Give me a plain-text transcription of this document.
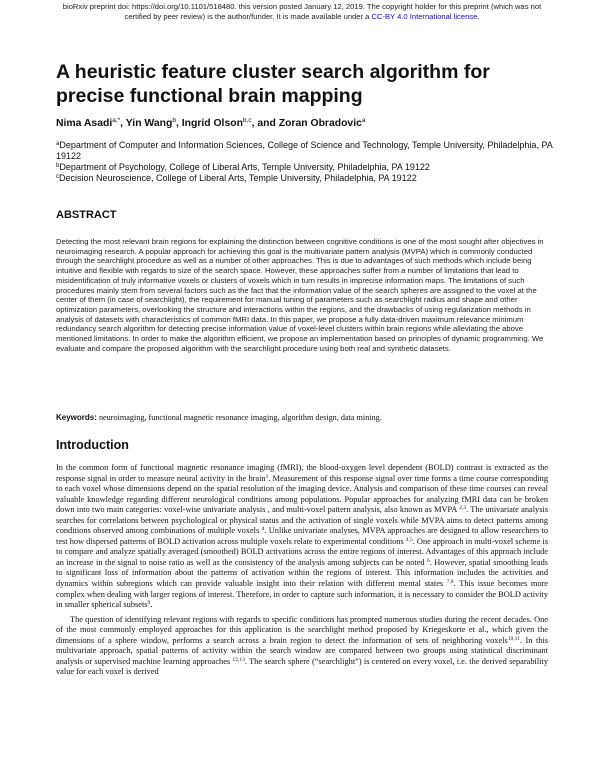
bioRxiv preprint doi: https://doi.org/10.1101/518480. this version posted January 12, 2019. The copyright holder for this preprint (which was not
certified by peer review) is the author/funder. It is made available under a CC-BY 4.0 International license.
A heuristic feature cluster search algorithm for precise functional brain mapping

Nima Asadi$^{a,*}$, Yin Wang$^b$, Ingrid Olson$^{b,c}$, and Zoran Obradovic$^a$

$^a$Department of Computer and Information Sciences, College of Science and Technology, Temple University, Philadelphia, PA 19122
$^b$Department of Psychology, College of Liberal Arts, Temple University, Philadelphia, PA 19122
$^c$Decision Neuroscience, College of Liberal Arts, Temple University, Philadelphia, PA 19122
ABSTRACT

Detecting the most relevant brain regions for explaining the distinction between cognitive conditions is one of the most sought after objectives in neuroimaging research. A popular approach for achieving this goal is the multivariate pattern analysis (MVPA) which is commonly conducted through the searchlight procedure as well as a number of other approaches. This is due to advantages of such methods which include being intuitive and flexible with regards to size of the search space. However, these approaches suffer from a number of limitations that lead to misidentification of truly informative voxels or clusters of voxels which in turn results in imprecise information maps. The limitations of such procedures mainly stem from several factors such as the fact that the information value of the search spheres are assigned to the voxel at the center of them (in case of searchlight), the requirement for manual tuning of parameters such as searchlight radius and shape and other optimization parameters, overlooking the structure and interactions within the regions, and the drawbacks of using regularization methods in analysis of datasets with characteristics of common fMRI data. In this paper, we propose a fully data-driven maximum relevance minimum redundancy search algorithm for detecting precise information value of voxel-level clusters within brain regions while alleviating the above mentioned limitations. In order to make the algorithm efficient, we propose an implementation based on principles of dynamic programming. We evaluate and compare the proposed algorithm with the searchlight procedure using both real and synthetic datasets.

Keywords: neuroimaging, functional magnetic resonance imaging, algorithm design, data mining.

Introduction

In the common form of functional magnetic resonance imaging (fMRI), the blood-oxygen level dependent (BOLD) contrast is extracted as the response signal in order to measure neural activity in the brain$^1$. Measurement of this response signal over time forms a time course corresponding to each voxel whose dimensions depend on the spatial resolution of the imaging device. Analysis and comparison of these time courses can reveal valuable knowledge regarding different neurological conditions among populations. Popular approaches for analyzing fMRI data can be broken down into two main categories: voxel-wise univariate analysis , and multi-voxel pattern analysis, also known as MVPA $^{2,3}$. The univariate analysis searches for correlations between psychological or physical status and the activation of single voxels while MVPA aims to detect patterns among conditions observed among combinations of multiple voxels $^4$. Unlike univariate analyses, MVPA approaches are designed to allow researchers to test how dispersed patterns of BOLD activation across multiple voxels relate to experimental conditions $^{4,5}$. One approach in multi-voxel scheme is to compare and analyze spatially averaged (smoothed) BOLD activations across the entire regions of interest. Advantages of this approach include an increase in the signal to noise ratio as well as the consistency of the analysis among subjects can be noted $^6$. However, spatial smoothing leads to significant loss of information about the patterns of activation within the regions of interest. This information includes the activities and dynamics within subregions which can provide valuable insight into their relation with different mental states $^{7,8}$. This issue becomes more complex when dealing with larger regions of interest. Therefore, in order to capture such information, it is necessary to consider the BOLD activity in smaller spherical subsets$^9$.

The question of identifying relevant regions with regards to specific conditions has prompted numerous studies during the recent decades. One of the most commonly employed approaches for this application is the searchlight method proposed by Kriegeskorte et al., which given the dimensions of a sphere window, performs a search across a brain region to detect the information of sets of neighboring voxels$^{10,11}$. In this multivariate approach, spatial patterns of activity within the search window are compared between two groups using statistical discriminant analysis or supervised machine learning approaches $^{12,13}$. The search sphere (“searchlight”) is centered on every voxel, i.e. the derived separability value for each voxel is derived
